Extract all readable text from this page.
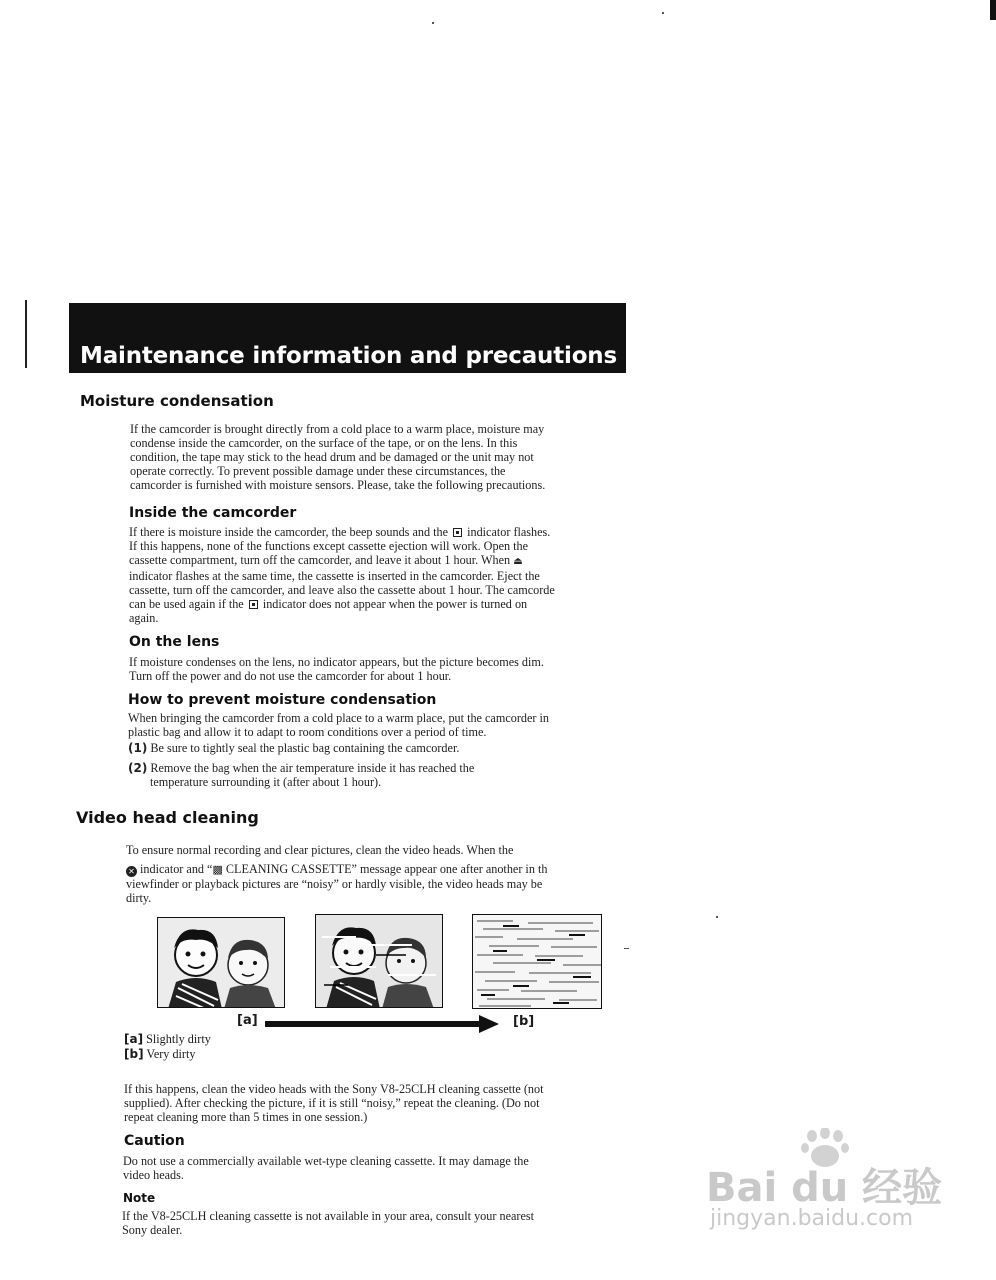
Maintenance information and precautions
Moisture condensation
If the camcorder is brought directly from a cold place to a warm place, moisture may
condense inside the camcorder, on the surface of the tape, or on the lens. In this
condition, the tape may stick to the head drum and be damaged or the unit may not
operate correctly. To prevent possible damage under these circumstances, the
camcorder is furnished with moisture sensors. Please, take the following precautions.
Inside the camcorder
If there is moisture inside the camcorder, the beep sounds and the indicator flashes.
If this happens, none of the functions except cassette ejection will work. Open the
cassette compartment, turn off the camcorder, and leave it about 1 hour. When ⏏
indicator flashes at the same time, the cassette is inserted in the camcorder. Eject the
cassette, turn off the camcorder, and leave also the cassette about 1 hour. The camcorde
can be used again if the indicator does not appear when the power is turned on
again.
On the lens
If moisture condenses on the lens, no indicator appears, but the picture becomes dim.
Turn off the power and do not use the camcorder for about 1 hour.
How to prevent moisture condensation
When bringing the camcorder from a cold place to a warm place, put the camcorder in
plastic bag and allow it to adapt to room conditions over a period of time.
(1) Be sure to tightly seal the plastic bag containing the camcorder.
(2) Remove the bag when the air temperature inside it has reached the
temperature surrounding it (after about 1 hour).
Video head cleaning
To ensure normal recording and clear pictures, clean the video heads. When the
✕ indicator and “▩ CLEANING CASSETTE” message appear one after another in th
viewfinder or playback pictures are “noisy” or hardly visible, the video heads may be
dirty.
[a]	[b]
[a] Slightly dirty
[b] Very dirty
If this happens, clean the video heads with the Sony V8-25CLH cleaning cassette (not
supplied). After checking the picture, if it is still “noisy,” repeat the cleaning. (Do not
repeat cleaning more than 5 times in one session.)
Caution
Do not use a commercially available wet-type cleaning cassette. It may damage the
video heads.
Note
If the V8-25CLH cleaning cassette is not available in your area, consult your nearest
Sony dealer.
Bai du 经验
jingyan.baidu.com
